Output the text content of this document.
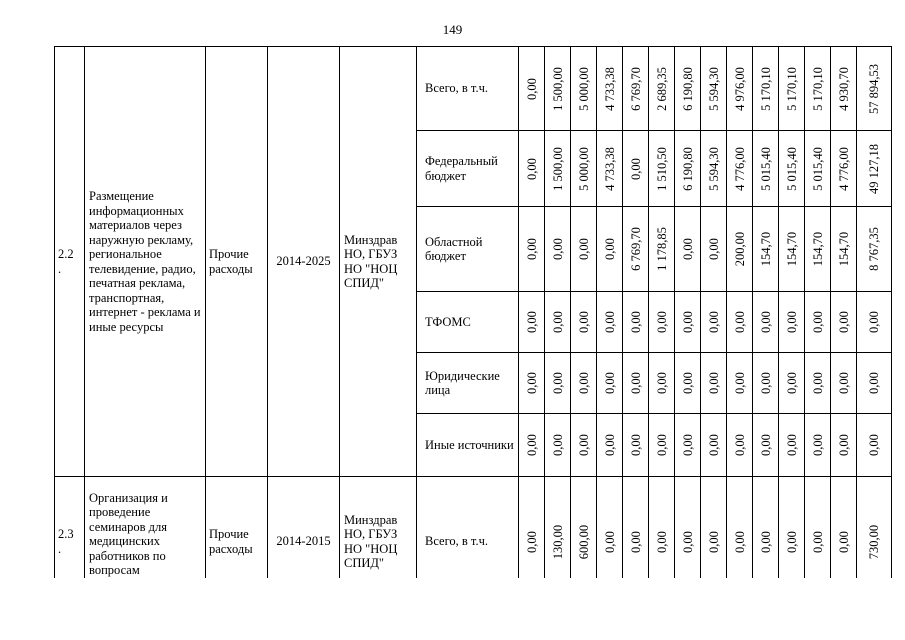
149
2.2
.	Размещение информационных материалов через наружную рекламу, региональное телевидение, радио, печатная реклама, транспортная, интернет - реклама и иные ресурсы	Прочие расходы	2014-2025	Минздрав НО, ГБУЗ НО "НОЦ СПИД"	Всего, в т.ч.	0,00	1 500,00	5 000,00	4 733,38	6 769,70	2 689,35	6 190,80	5 594,30	4 976,00	5 170,10	5 170,10	5 170,10	4 930,70	57 894,53

					Федеральный бюджет	0,00	1 500,00	5 000,00	4 733,38	0,00	1 510,50	6 190,80	5 594,30	4 776,00	5 015,40	5 015,40	5 015,40	4 776,00	49 127,18

					Областной бюджет	0,00	0,00	0,00	0,00	6 769,70	1 178,85	0,00	0,00	200,00	154,70	154,70	154,70	154,70	8 767,35

					ТФОМС	0,00	0,00	0,00	0,00	0,00	0,00	0,00	0,00	0,00	0,00	0,00	0,00	0,00	0,00

					Юридические лица	0,00	0,00	0,00	0,00	0,00	0,00	0,00	0,00	0,00	0,00	0,00	0,00	0,00	0,00

					Иные источники	0,00	0,00	0,00	0,00	0,00	0,00	0,00	0,00	0,00	0,00	0,00	0,00	0,00	0,00

2.3
.	Организация и проведение семинаров для медицинских работников по вопросам	Прочие расходы	2014-2015	Минздрав НО, ГБУЗ НО "НОЦ СПИД"	Всего, в т.ч.	0,00	130,00	600,00	0,00	0,00	0,00	0,00	0,00	0,00	0,00	0,00	0,00	0,00	730,00
